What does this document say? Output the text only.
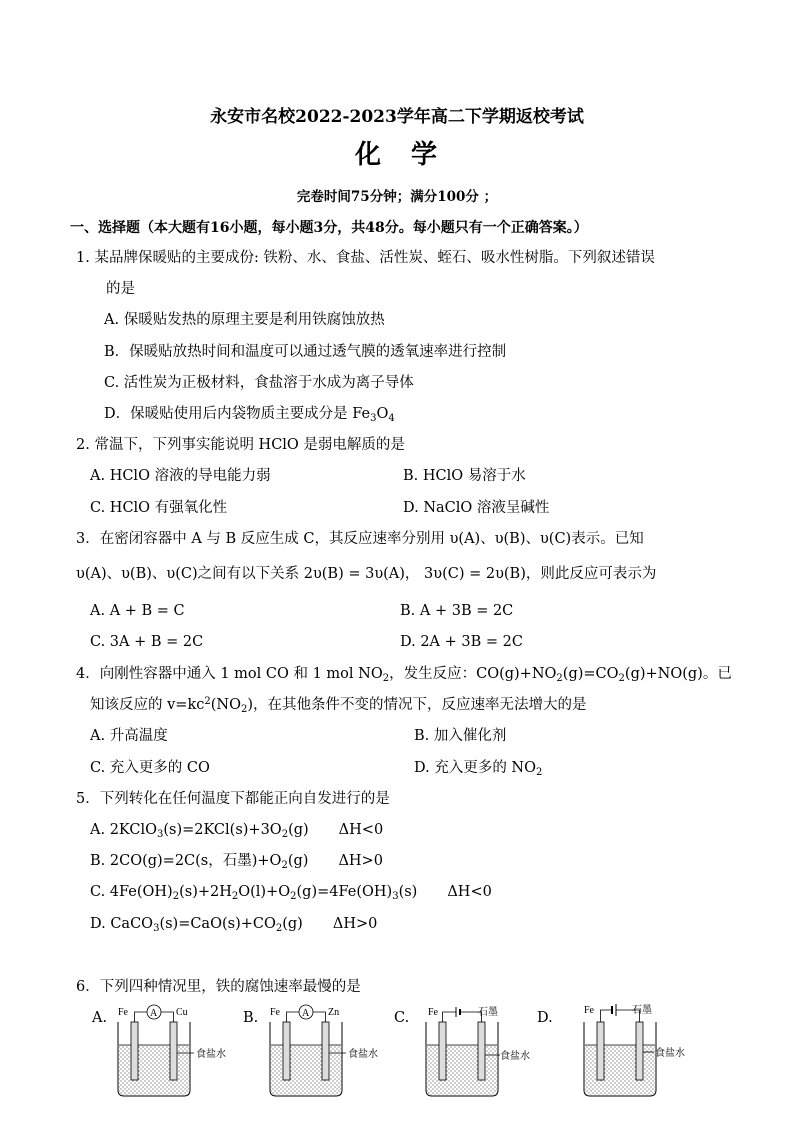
永安市名校2022-2023学年高二下学期返校考试
化　学
完卷时间75分钟；满分100分 ；
一、选择题（本大题有16小题，每小题3分，共48分。每小题只有一个正确答案。）
1. 某品牌保暖贴的主要成份: 铁粉、水、食盐、活性炭、蛭石、吸水性树脂。下列叙述错误
的是
A. 保暖贴发热的原理主要是利用铁腐蚀放热
B．保暖贴放热时间和温度可以通过透气膜的透氧速率进行控制
C. 活性炭为正极材料，食盐溶于水成为离子导体
D．保暖贴使用后内袋物质主要成分是 $Fe_3O_4$
2. 常温下，下列事实能说明 HClO 是弱电解质的是
A. HClO 溶液的导电能力弱	B. HClO 易溶于水
C. HClO 有强氧化性	D. NaClO 溶液呈碱性
3．在密闭容器中 A 与 B 反应生成 C，其反应速率分别用 υ(A)、υ(B)、υ(C)表示。已知
υ(A)、υ(B)、υ(C)之间有以下关系 2υ(B) = 3υ(A)， 3υ(C) = 2υ(B)，则此反应可表示为
A. A + B = C	B. A + 3B = 2C
C. 3A + B = 2C	D. 2A + 3B = 2C
4．向刚性容器中通入 1 mol CO 和 1 mol $NO_2$，发生反应：$CO(g)+NO_2(g)=CO_2(g)+NO(g)$。已
知该反应的 $v=kc^2(NO_2)$，在其他条件不变的情况下，反应速率无法增大的是
A. 升高温度	B. 加入催化剂
C. 充入更多的 CO	D. 充入更多的 $NO_2$
5．下列转化在任何温度下都能正向自发进行的是
A. $2KClO_3(s)=2KCl(s)+3O_2(g)$ ΔH<0
B. 2CO(g)=2C(s，石墨)$+O_2(g)$ ΔH>0
C. $4Fe(OH)_2(s)+2H_2O(l)+O_2(g)=4Fe(OH)_3(s)$ ΔH<0
D. $CaCO_3(s)=CaO(s)+CO_2(g)$ ΔH>0
6．下列四种情况里，铁的腐蚀速率最慢的是
A.	B.	C.	D.
A
Fe	Cu
食盐水
A
Fe	Zn
食盐水
Fe	石墨
食盐水
Fe	石墨
食盐水
